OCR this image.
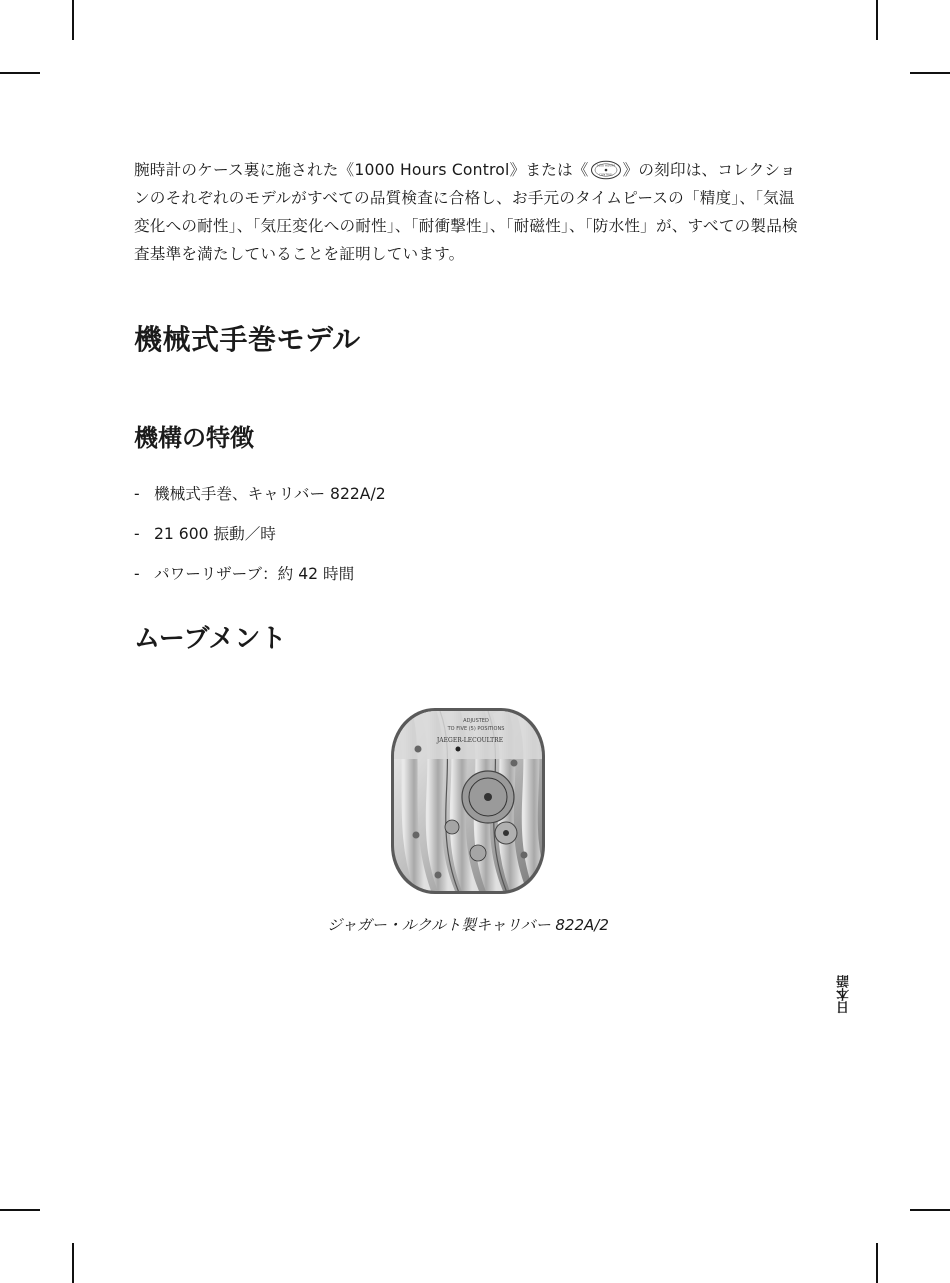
腕時計のケース裏に施された《1000 Hours Control》または《	1000 HOURS
CONTROL 》の刻印は、コレクションのそれぞれのモデルがすべての品質検査に合格し、お手元のタイムピースの「精度」、「気温変化への耐性」、「気圧変化への耐性」、「耐衝撃性」、「耐磁性」、「防水性」が、すべての製品検査基準を満たしていることを証明しています。

機械式手巻モデル
機構の特徴
- 機械式手巻、キャリバー 822A/2
- 21 600 振動／時
- パワーリザーブ：約 42 時間
ムーブメント
ADJUSTED
TO FIVE (5) POSITIONS
JAEGER-LECOULTRE

ジャガー・ルクルト製キャリバー 822A/2

日本語
